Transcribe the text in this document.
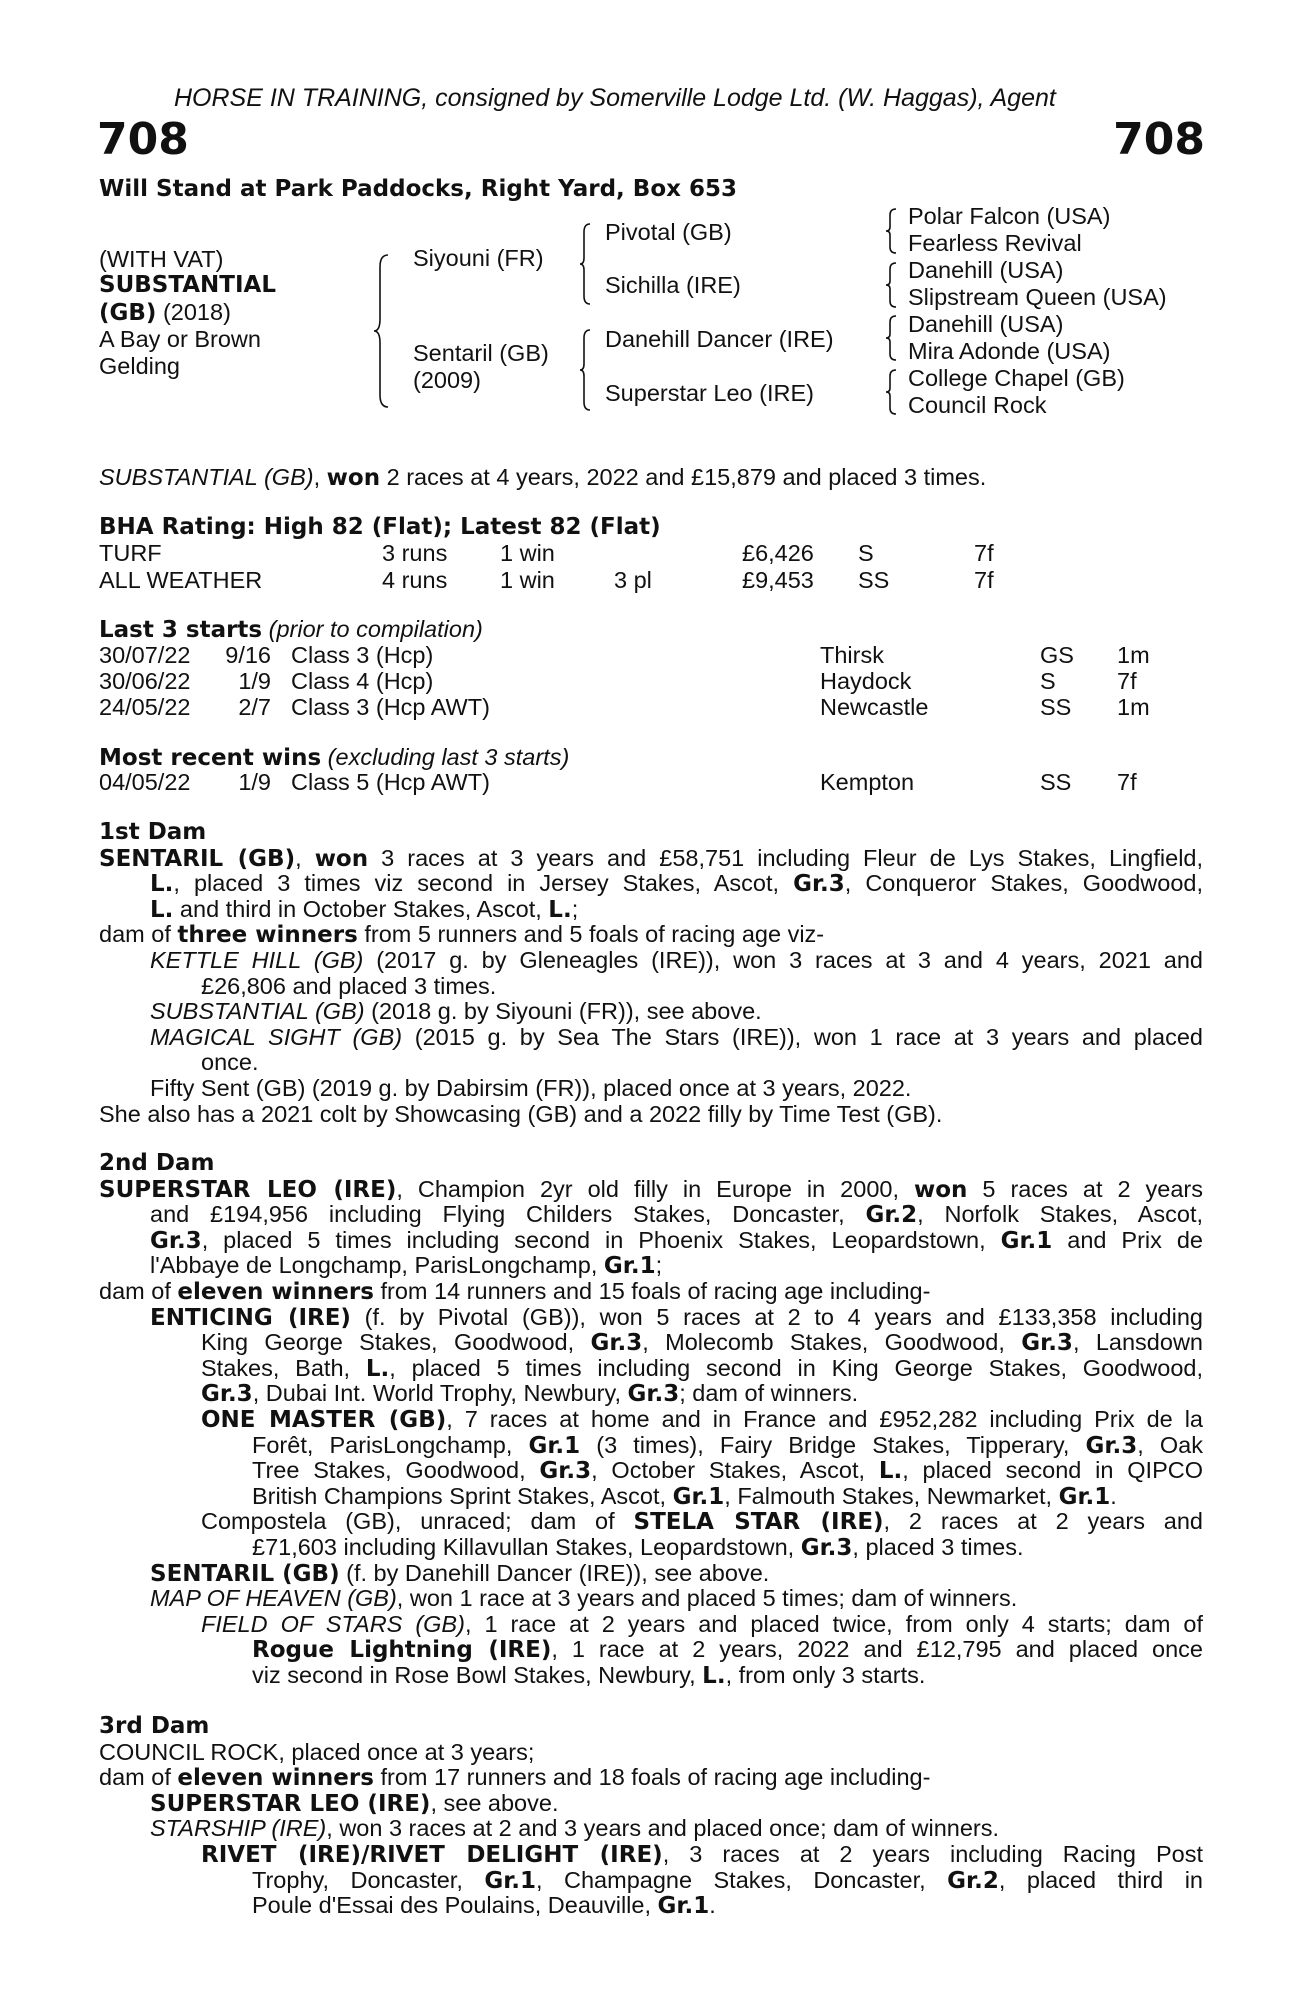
HORSE IN TRAINING, consigned by Somerville Lodge Ltd. (W. Haggas), Agent
708	708
Will Stand at Park Paddocks, Right Yard, Box 653
(WITH VAT)
SUBSTANTIAL
(GB) (2018)
A Bay or Brown
Gelding
Siyouni (FR)
Sentaril (GB)
(2009)
Pivotal (GB)
Sichilla (IRE)
Danehill Dancer (IRE)
Superstar Leo (IRE)
Polar Falcon (USA)
Fearless Revival
Danehill (USA)
Slipstream Queen (USA)
Danehill (USA)
Mira Adonde (USA)
College Chapel (GB)
Council Rock
SUBSTANTIAL (GB), won 2 races at 4 years, 2022 and £15,879 and placed 3 times.
BHA Rating: High 82 (Flat); Latest 82 (Flat)
TURF	3 runs 1 win	£6,426 S	7f
ALL WEATHER	4 runs 1 win	3 pl	£9,453 SS	7f
Last 3 starts (prior to compilation)
30/07/22	9/16 Class 3 (Hcp)	Thirsk	GS 1m
30/06/22	1/9 Class 4 (Hcp)	Haydock	S	7f
24/05/22	2/7 Class 3 (Hcp AWT)	Newcastle	SS 1m
Most recent wins (excluding last 3 starts)
04/05/22	1/9 Class 5 (Hcp AWT)	Kempton	SS 7f
1st Dam
SENTARIL (GB), won 3 races at 3 years and £58,751 including Fleur de Lys Stakes, Lingfield,
L., placed 3 times viz second in Jersey Stakes, Ascot, Gr.3, Conqueror Stakes, Goodwood,
L. and third in October Stakes, Ascot, L.;
dam of three winners from 5 runners and 5 foals of racing age viz-
KETTLE HILL (GB) (2017 g. by Gleneagles (IRE)), won 3 races at 3 and 4 years, 2021 and
£26,806 and placed 3 times.
SUBSTANTIAL (GB) (2018 g. by Siyouni (FR)), see above.
MAGICAL SIGHT (GB) (2015 g. by Sea The Stars (IRE)), won 1 race at 3 years and placed
once.
Fifty Sent (GB) (2019 g. by Dabirsim (FR)), placed once at 3 years, 2022.
She also has a 2021 colt by Showcasing (GB) and a 2022 filly by Time Test (GB).
2nd Dam
SUPERSTAR LEO (IRE), Champion 2yr old filly in Europe in 2000, won 5 races at 2 years
and £194,956 including Flying Childers Stakes, Doncaster, Gr.2, Norfolk Stakes, Ascot,
Gr.3, placed 5 times including second in Phoenix Stakes, Leopardstown, Gr.1 and Prix de
l'Abbaye de Longchamp, ParisLongchamp, Gr.1;
dam of eleven winners from 14 runners and 15 foals of racing age including-
ENTICING (IRE) (f. by Pivotal (GB)), won 5 races at 2 to 4 years and £133,358 including
King George Stakes, Goodwood, Gr.3, Molecomb Stakes, Goodwood, Gr.3, Lansdown
Stakes, Bath, L., placed 5 times including second in King George Stakes, Goodwood,
Gr.3, Dubai Int. World Trophy, Newbury, Gr.3; dam of winners.
ONE MASTER (GB), 7 races at home and in France and £952,282 including Prix de la
Forêt, ParisLongchamp, Gr.1 (3 times), Fairy Bridge Stakes, Tipperary, Gr.3, Oak
Tree Stakes, Goodwood, Gr.3, October Stakes, Ascot, L., placed second in QIPCO
British Champions Sprint Stakes, Ascot, Gr.1, Falmouth Stakes, Newmarket, Gr.1.
Compostela (GB), unraced; dam of STELA STAR (IRE), 2 races at 2 years and
£71,603 including Killavullan Stakes, Leopardstown, Gr.3, placed 3 times.
SENTARIL (GB) (f. by Danehill Dancer (IRE)), see above.
MAP OF HEAVEN (GB), won 1 race at 3 years and placed 5 times; dam of winners.
FIELD OF STARS (GB), 1 race at 2 years and placed twice, from only 4 starts; dam of
Rogue Lightning (IRE), 1 race at 2 years, 2022 and £12,795 and placed once
viz second in Rose Bowl Stakes, Newbury, L., from only 3 starts.
3rd Dam
COUNCIL ROCK, placed once at 3 years;
dam of eleven winners from 17 runners and 18 foals of racing age including-
SUPERSTAR LEO (IRE), see above.
STARSHIP (IRE), won 3 races at 2 and 3 years and placed once; dam of winners.
RIVET (IRE)/RIVET DELIGHT (IRE), 3 races at 2 years including Racing Post
Trophy, Doncaster, Gr.1, Champagne Stakes, Doncaster, Gr.2, placed third in
Poule d'Essai des Poulains, Deauville, Gr.1.
